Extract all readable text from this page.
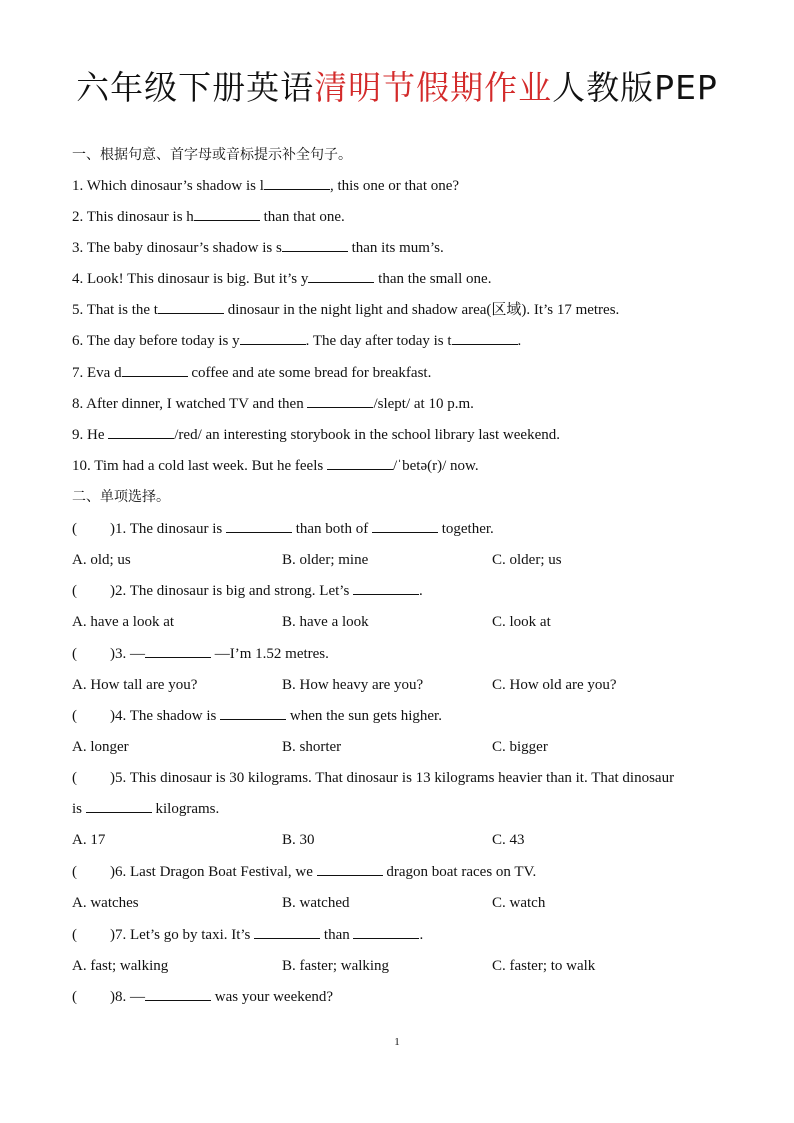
六年级下册英语清明节假期作业人教版PEP
一、根据句意、首字母或音标提示补全句子。
1. Which dinosaur’s shadow is l	, this one or that one?
2. This dinosaur is h	than that one.
3. The baby dinosaur’s shadow is s	than its mum’s.
4. Look! This dinosaur is big. But it’s y	than the small one.
5. That is the t	dinosaur in the night light and shadow area(区域). It’s 17 metres.
6. The day before today is y	. The day after today is t	.
7. Eva d	coffee and ate some bread for breakfast.
8. After dinner, I watched TV and then	/slept/ at 10 p.m.
9. He	/red/ an interesting storybook in the school library last weekend.
10. Tim had a cold last week. But he feels	/ˈbetə(r)/ now.
二、单项选择。
( )1. The dinosaur is	than both of	together.
A. old; us	B. older; mine	C. older; us
( )2. The dinosaur is big and strong. Let’s	.
A. have a look at	B. have a look	C. look at
( )3. —	—I’m 1.52 metres.
A. How tall are you?	B. How heavy are you?	C. How old are you?
( )4. The shadow is	when the sun gets higher.
A. longer	B. shorter	C. bigger
( )5. This dinosaur is 30 kilograms. That dinosaur is 13 kilograms heavier than it. That dinosaur
is	kilograms.
A. 17	B. 30	C. 43
( )6. Last Dragon Boat Festival, we	dragon boat races on TV.
A. watches	B. watched	C. watch
( )7. Let’s go by taxi. It’s	than	.
A. fast; walking	B. faster; walking	C. faster; to walk
( )8. —	was your weekend?
1
